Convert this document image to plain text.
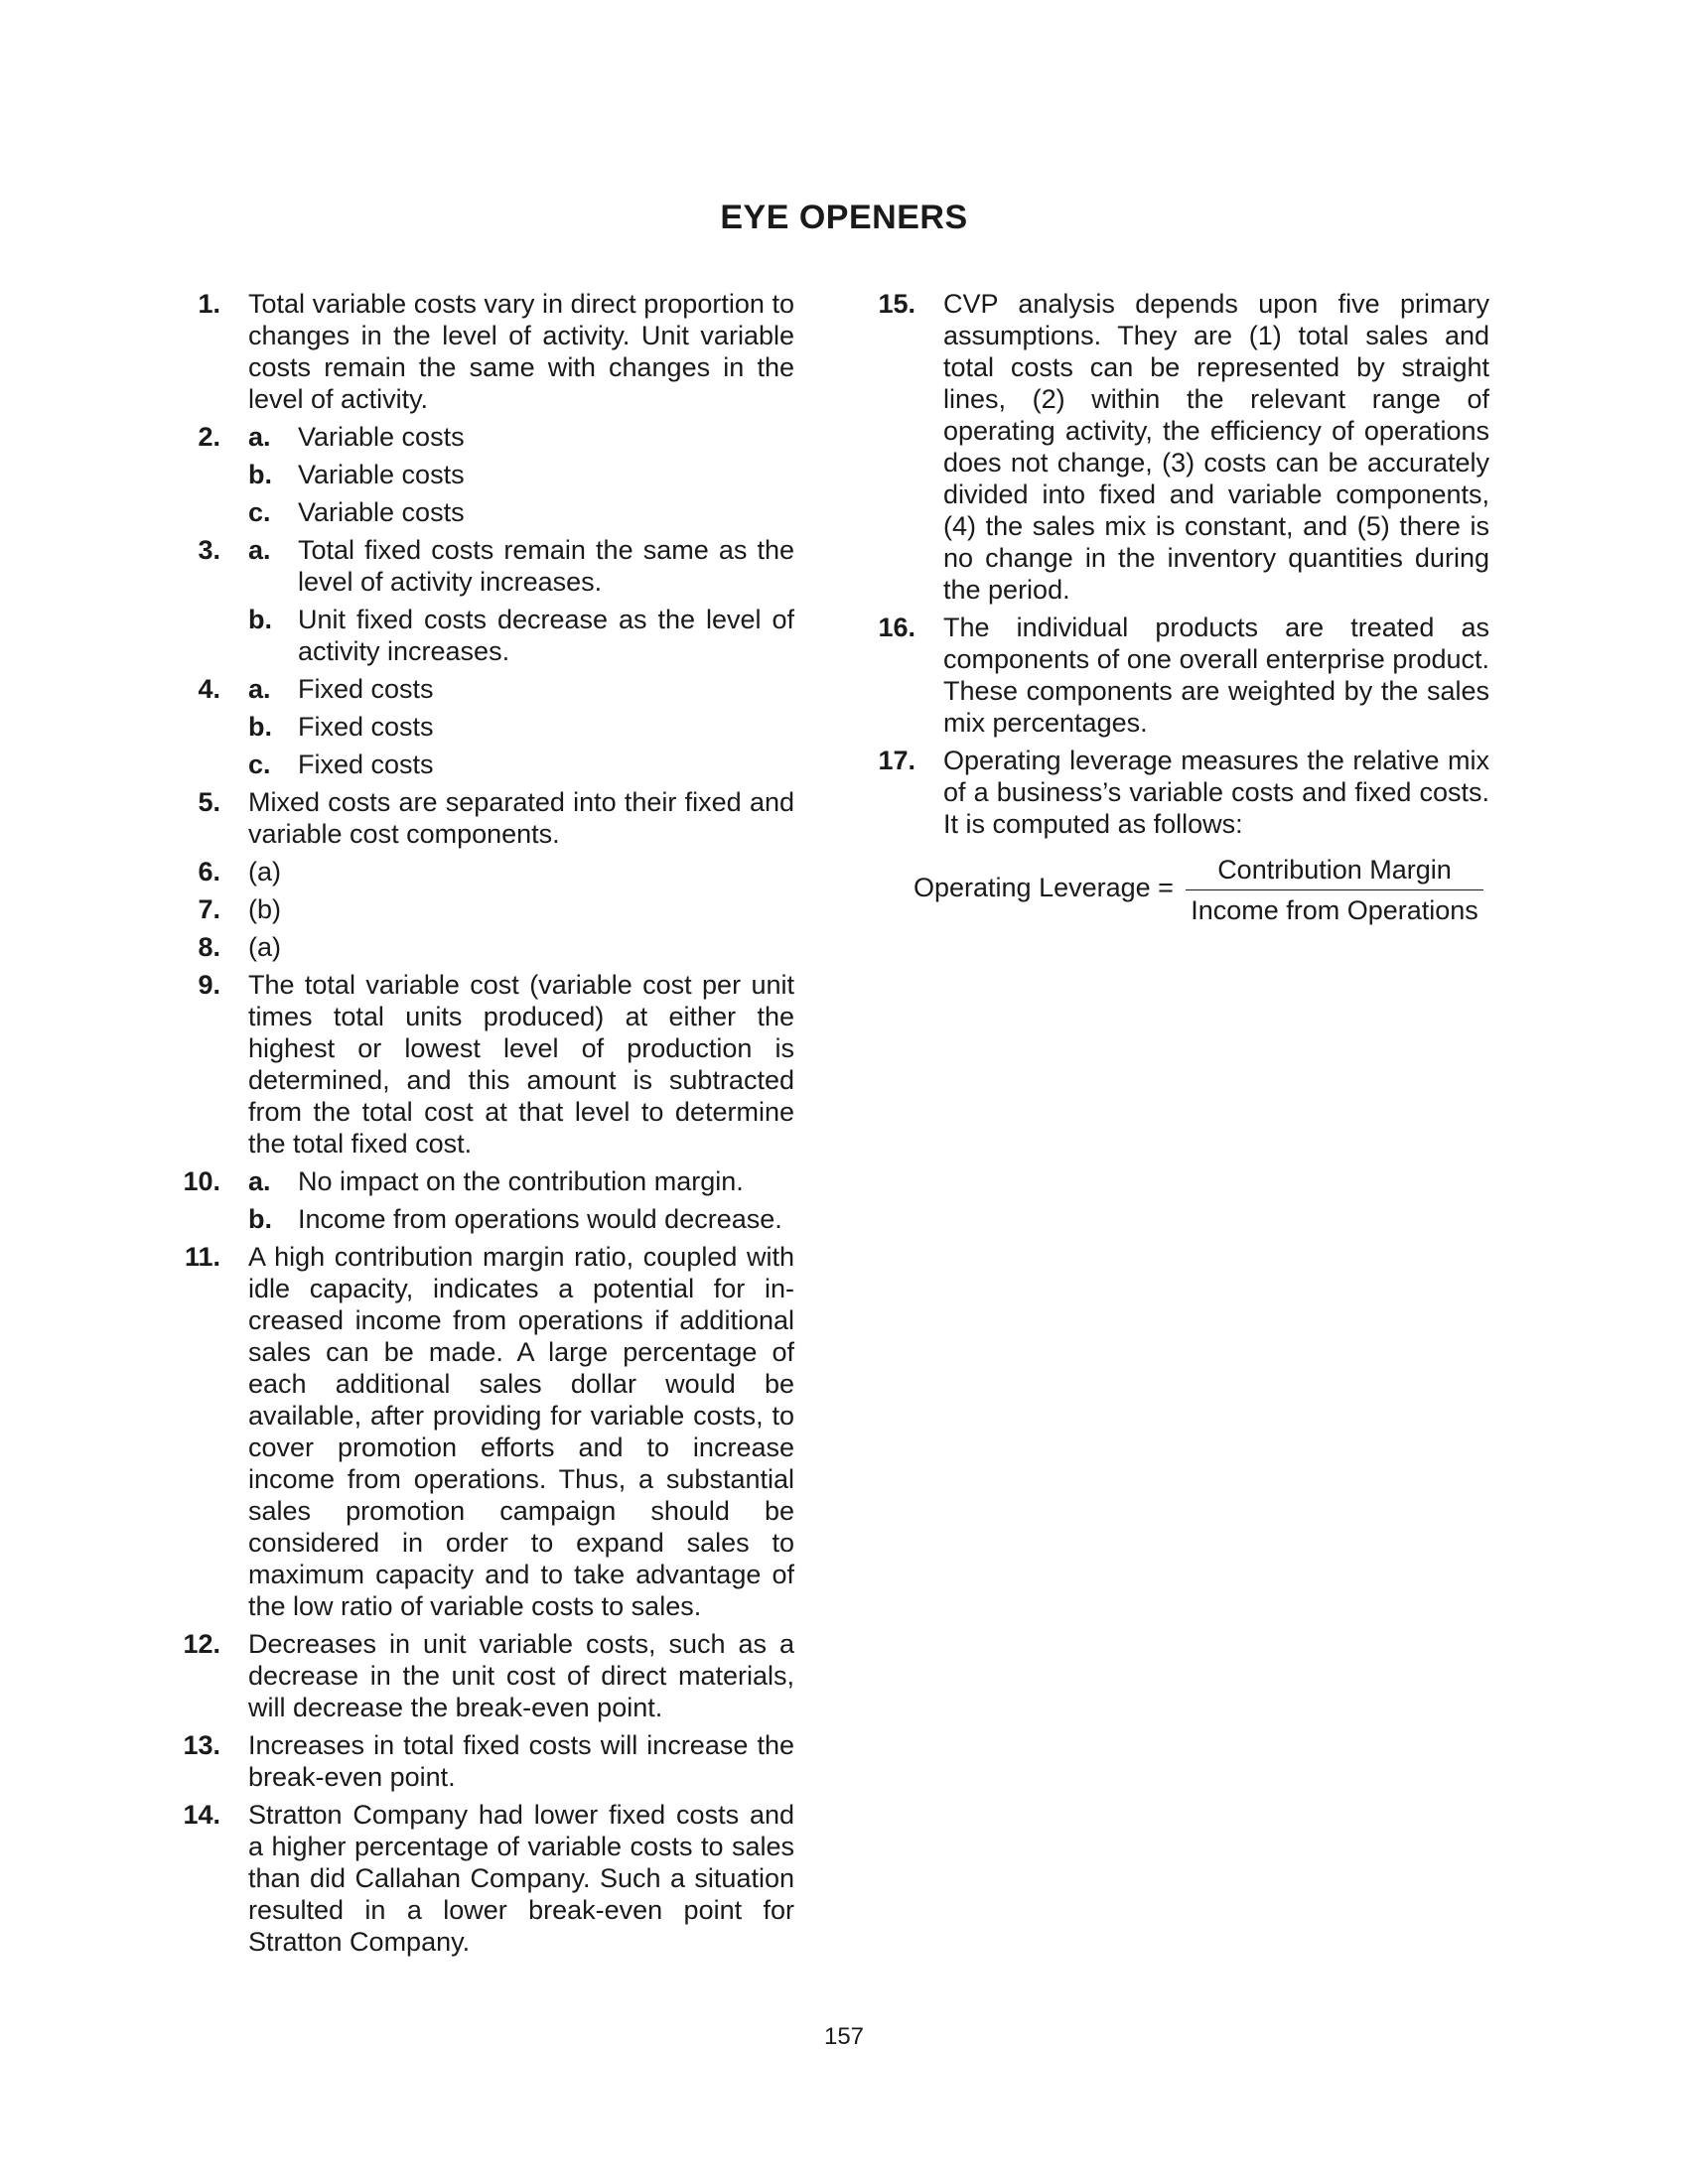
EYE OPENERS
1. Total variable costs vary in direct proportion to changes in the level of activity. Unit variable costs remain the same with changes in the level of activity.
2. a. Variable costs
b. Variable costs
c. Variable costs
3. a. Total fixed costs remain the same as the level of activity increases.
b. Unit fixed costs decrease as the level of activity increases.
4. a. Fixed costs
b. Fixed costs
c. Fixed costs
5. Mixed costs are separated into their fixed and variable cost components.
6. (a)
7. (b)
8. (a)
9. The total variable cost (variable cost per unit times total units produced) at either the highest or lowest level of production is determined, and this amount is subtracted from the total cost at that level to determine the total fixed cost.
10. a. No impact on the contribution margin.
b. Income from operations would decrease.
11. A high contribution margin ratio, coupled with idle capacity, indicates a potential for in-creased income from operations if additional sales can be made. A large percentage of each additional sales dollar would be available, after providing for variable costs, to cover promotion efforts and to increase income from operations. Thus, a substantial sales promotion campaign should be considered in order to expand sales to maximum capacity and to take advantage of the low ratio of variable costs to sales.
12. Decreases in unit variable costs, such as a decrease in the unit cost of direct materials, will decrease the break-even point.
13. Increases in total fixed costs will increase the break-even point.
14. Stratton Company had lower fixed costs and a higher percentage of variable costs to sales than did Callahan Company. Such a situation resulted in a lower break-even point for Stratton Company.
15. CVP analysis depends upon five primary assumptions. They are (1) total sales and total costs can be represented by straight lines, (2) within the relevant range of operating activity, the efficiency of operations does not change, (3) costs can be accurately divided into fixed and variable components, (4) the sales mix is constant, and (5) there is no change in the inventory quantities during the period.
16. The individual products are treated as components of one overall enterprise product. These components are weighted by the sales mix percentages.
17. Operating leverage measures the relative mix of a business’s variable costs and fixed costs. It is computed as follows:
Operating Leverage =
Contribution Margin
Income from Operations
157
